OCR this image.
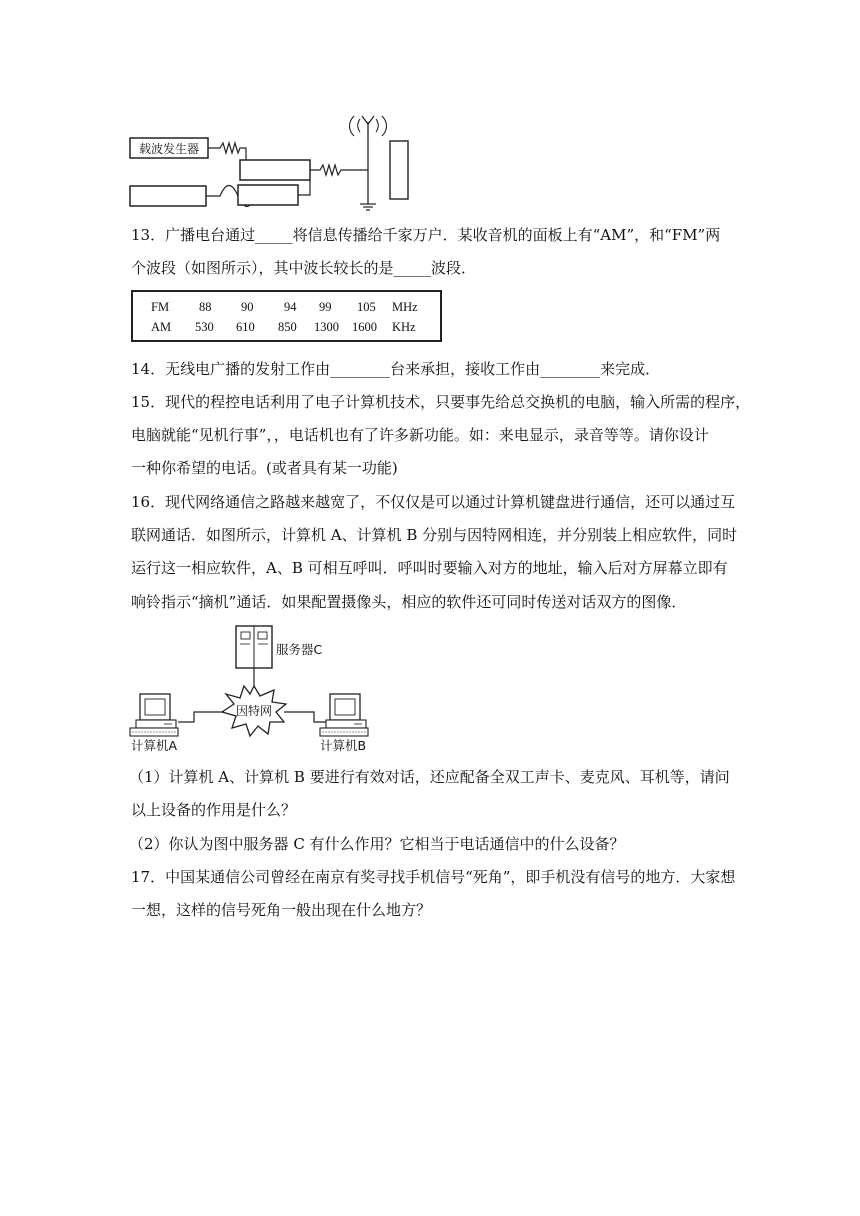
载波发生器
13．广播电台通过_____将信息传播给千家万户．某收音机的面板上有“AM”，和“FM”两
个波段（如图所示），其中波长较长的是_____波段．
FM 88 90 94 99 105 MHz
AM 530 610 850 1300 1600 KHz
14．无线电广播的发射工作由________台来承担，接收工作由________来完成．
15．现代的程控电话利用了电子计算机技术，只要事先给总交换机的电脑，输入所需的程序，
电脑就能“见机行事”，，电话机也有了许多新功能。如：来电显示，录音等等。请你设计
一种你希望的电话。(或者具有某一功能)
16．现代网络通信之路越来越宽了，不仅仅是可以通过计算机键盘进行通信，还可以通过互
联网通话．如图所示，计算机 A、计算机 B 分别与因特网相连，并分别装上相应软件，同时
运行这一相应软件，A、B 可相互呼叫．呼叫时要输入对方的地址，输入后对方屏幕立即有
响铃指示“摘机”通话．如果配置摄像头，相应的软件还可同时传送对话双方的图像．
服务器C
因特网
计算机A	计算机B
（1）计算机 A、计算机 B 要进行有效对话，还应配备全双工声卡、麦克风、耳机等，请问
以上设备的作用是什么？
（2）你认为图中服务器 C 有什么作用？它相当于电话通信中的什么设备？
17．中国某通信公司曾经在南京有奖寻找手机信号“死角”，即手机没有信号的地方．大家想
一想，这样的信号死角一般出现在什么地方？
